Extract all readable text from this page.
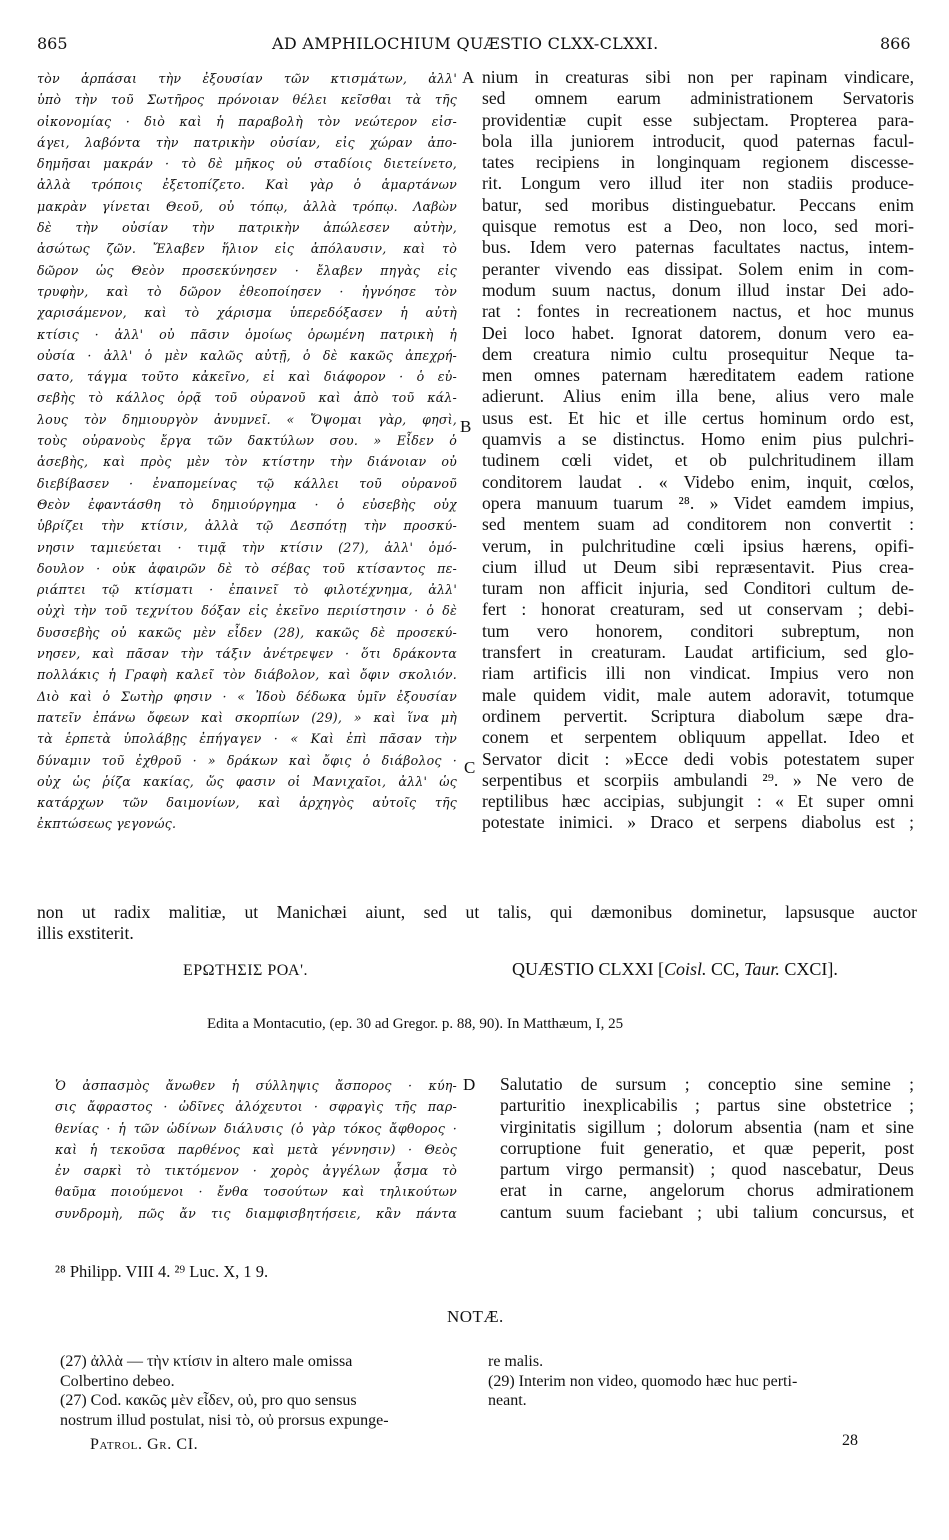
865	AD AMPHILOCHIUM QUÆSTIO CLXX-CLXXI.	866
τὸν ἁρπάσαι τὴν ἐξουσίαν τῶν κτισμάτων, ἀλλ'
ὑπὸ τὴν τοῦ Σωτῆρος πρόνοιαν θέλει κεῖσθαι τὰ τῆς
οἰκονομίας · διὸ καὶ ἡ παραβολὴ τὸν νεώτερον εἰσ-
άγει, λαβόντα τὴν πατρικὴν οὐσίαν, εἰς χώραν ἀπο-
δημῆσαι μακράν · τὸ δὲ μῆκος οὐ σταδίοις διετείνετο,
ἀλλὰ τρόποις ἐξετοπίζετο. Καὶ γὰρ ὁ ἁμαρτάνων
μακρὰν γίνεται Θεοῦ, οὐ τόπῳ, ἀλλὰ τρόπῳ. Λαβὼν
δὲ τὴν οὐσίαν τὴν πατρικὴν ἀπώλεσεν αὐτὴν,
ἀσώτως ζῶν. Ἔλαβεν ἥλιον εἰς ἀπόλαυσιν, καὶ τὸ
δῶρον ὡς Θεὸν προσεκύνησεν · ἔλαβεν πηγὰς εἰς
τρυφὴν, καὶ τὸ δῶρον ἐθεοποίησεν · ἠγνόησε τὸν
χαρισάμενον, καὶ τὸ χάρισμα ὑπερεδόξασεν ἡ αὐτὴ
κτίσις · ἀλλ' οὐ πᾶσιν ὁμοίως ὁρωμένη πατρικὴ ἡ
οὐσία · ἀλλ' ὁ μὲν καλῶς αὐτῇ, ὁ δὲ κακῶς ἀπεχρή-
σατο, τάγμα τοῦτο κἀκεῖνο, εἰ καὶ διάφορον · ὁ εὐ-
σεβὴς τὸ κάλλος ὁρᾷ τοῦ οὐρανοῦ καὶ ἀπὸ τοῦ κάλ-
λους τὸν δημιουργὸν ἀνυμνεῖ. « Ὄψομαι γὰρ, φησὶ,
τοὺς οὐρανοὺς ἔργα τῶν δακτύλων σου. » Εἶδεν ὁ
ἀσεβὴς, καὶ πρὸς μὲν τὸν κτίστην τὴν διάνοιαν οὐ
διεβίβασεν · ἐναπομείνας τῷ κάλλει τοῦ οὐρανοῦ
Θεὸν ἐφαντάσθη τὸ δημιούργημα · ὁ εὐσεβὴς οὐχ
ὑβρίζει τὴν κτίσιν, ἀλλὰ τῷ Δεσπότῃ τὴν προσκύ-
νησιν ταμιεύεται · τιμᾷ τὴν κτίσιν (27), ἀλλ' ὁμό-
δουλον · οὐκ ἀφαιρῶν δὲ τὸ σέβας τοῦ κτίσαντος πε-
ριάπτει τῷ κτίσματι · ἐπαινεῖ τὸ φιλοτέχνημα, ἀλλ'
οὐχὶ τὴν τοῦ τεχνίτου δόξαν εἰς ἐκεῖνο περιίστησιν · ὁ δὲ
δυσσεβὴς οὐ κακῶς μὲν εἶδεν (28), κακῶς δὲ προσεκύ-
νησεν, καὶ πᾶσαν τὴν τάξιν ἀνέτρεψεν · ὅτι δράκοντα
πολλάκις ἡ Γραφὴ καλεῖ τὸν διάβολον, καὶ ὄφιν σκολιόν.
Διὸ καὶ ὁ Σωτὴρ φησιν · « Ἰδοὺ δέδωκα ὑμῖν ἐξουσίαν
πατεῖν ἐπάνω ὄφεων καὶ σκορπίων (29), » καὶ ἵνα μὴ
τὰ ἑρπετὰ ὑπολάβῃς ἐπήγαγεν · « Καὶ ἐπὶ πᾶσαν τὴν
δύναμιν τοῦ ἐχθροῦ · » δράκων καὶ ὄφις ὁ διάβολος ·
οὐχ ὡς ῥίζα κακίας, ὥς φασιν οἱ Μανιχαῖοι, ἀλλ' ὡς
κατάρχων τῶν δαιμονίων, καὶ ἀρχηγὸς αὐτοῖς τῆς
ἐκπτώσεως γεγονώς.
nium in creaturas sibi non per rapinam vindicare,
sed omnem earum administrationem Servatoris
providentiæ cupit esse subjectam. Propterea para-
bola illa juniorem introducit, quod paternas facul-
tates recipiens in longinquam regionem discesse-
rit. Longum vero illud iter non stadiis produce-
batur, sed moribus distinguebatur. Peccans enim
quisque remotus est a Deo, non loco, sed mori-
bus. Idem vero paternas facultates nactus, intem-
peranter vivendo eas dissipat. Solem enim in com-
modum suum nactus, donum illud instar Dei ado-
rat : fontes in recreationem nactus, et hoc munus
Dei loco habet. Ignorat datorem, donum vero ea-
dem creatura nimio cultu prosequitur Neque ta-
men omnes paternam hæreditatem eadem ratione
adierunt. Alius enim illa bene, alius vero male
usus est. Et hic et ille certus hominum ordo est,
quamvis a se distinctus. Homo enim pius pulchri-
tudinem cœli videt, et ob pulchritudinem illam
conditorem laudat . « Videbo enim, inquit, cœlos,
opera manuum tuarum ²⁸. » Videt eamdem impius,
sed mentem suam ad conditorem non convertit :
verum, in pulchritudine cœli ipsius hærens, opifi-
cium illud ut Deum sibi repræsentavit. Pius crea-
turam non afficit injuria, sed Conditori cultum de-
fert : honorat creaturam, sed ut conservam ; debi-
tum vero honorem, conditori subreptum, non
transfert in creaturam. Laudat artificium, sed glo-
riam artificis illi non vindicat. Impius vero non
male quidem vidit, male autem adoravit, totumque
ordinem pervertit. Scriptura diabolum sæpe dra-
conem et serpentem obliquum appellat. Ideo et
Servator dicit : »Ecce dedi vobis potestatem super
serpentibus et scorpiis ambulandi ²⁹. » Ne vero de
reptilibus hæc accipias, subjungit : « Et super omni
potestate inimici. » Draco et serpens diabolus est ;
A
B
C
D
non ut radix malitiæ, ut Manichæi aiunt, sed ut talis, qui dæmonibus dominetur, lapsusque auctor
illis exstiterit.
ΕΡΩΤΗΣΙΣ ΡΟΑ'.	QUÆSTIO CLXXI [Coisl. CC, Taur. CXCI].
Edita a Montacutio, (ep. 30 ad Gregor. p. 88, 90). In Matthæum, I, 25
Ὁ ἀσπασμὸς ἄνωθεν ἡ σύλληψις ἄσπορος · κύη-
σις ἄφραστος · ὠδῖνες ἀλόχευτοι · σφραγὶς τῆς παρ-
θενίας · ἡ τῶν ὠδίνων διάλυσις (ὁ γὰρ τόκος ἄφθορος ·
καὶ ἡ τεκοῦσα παρθένος καὶ μετὰ γέννησιν) · Θεὸς
ἐν σαρκὶ τὸ τικτόμενον · χορὸς ἀγγέλων ᾆσμα τὸ
θαῦμα ποιούμενοι · ἔνθα τοσούτων καὶ τηλικούτων
συνδρομὴ, πῶς ἄν τις διαμφισβητήσειε, κἂν πάντα
Salutatio de sursum ; conceptio sine semine ;
parturitio inexplicabilis ; partus sine obstetrice ;
virginitatis sigillum ; dolorum absentia (nam et sine
corruptione fuit generatio, et quæ peperit, post
partum virgo permansit) ; quod nascebatur, Deus
erat in carne, angelorum chorus admirationem
cantum suum faciebant ; ubi talium concursus, et
²⁸ Philipp. VIII 4. ²⁹ Luc. X, 1 9.
NOTÆ.
(27) ἀλλὰ — τὴν κτίσιν in altero male omissa
Colbertino debeo.
(27) Cod. κακῶς μὲν εἶδεν, οὐ, pro quo sensus
nostrum illud postulat, nisi τὸ, οὐ prorsus expunge-
re malis.
(29) Interim non video, quomodo hæc huc perti-
neant.
Patrol. Gr. CI.	28
